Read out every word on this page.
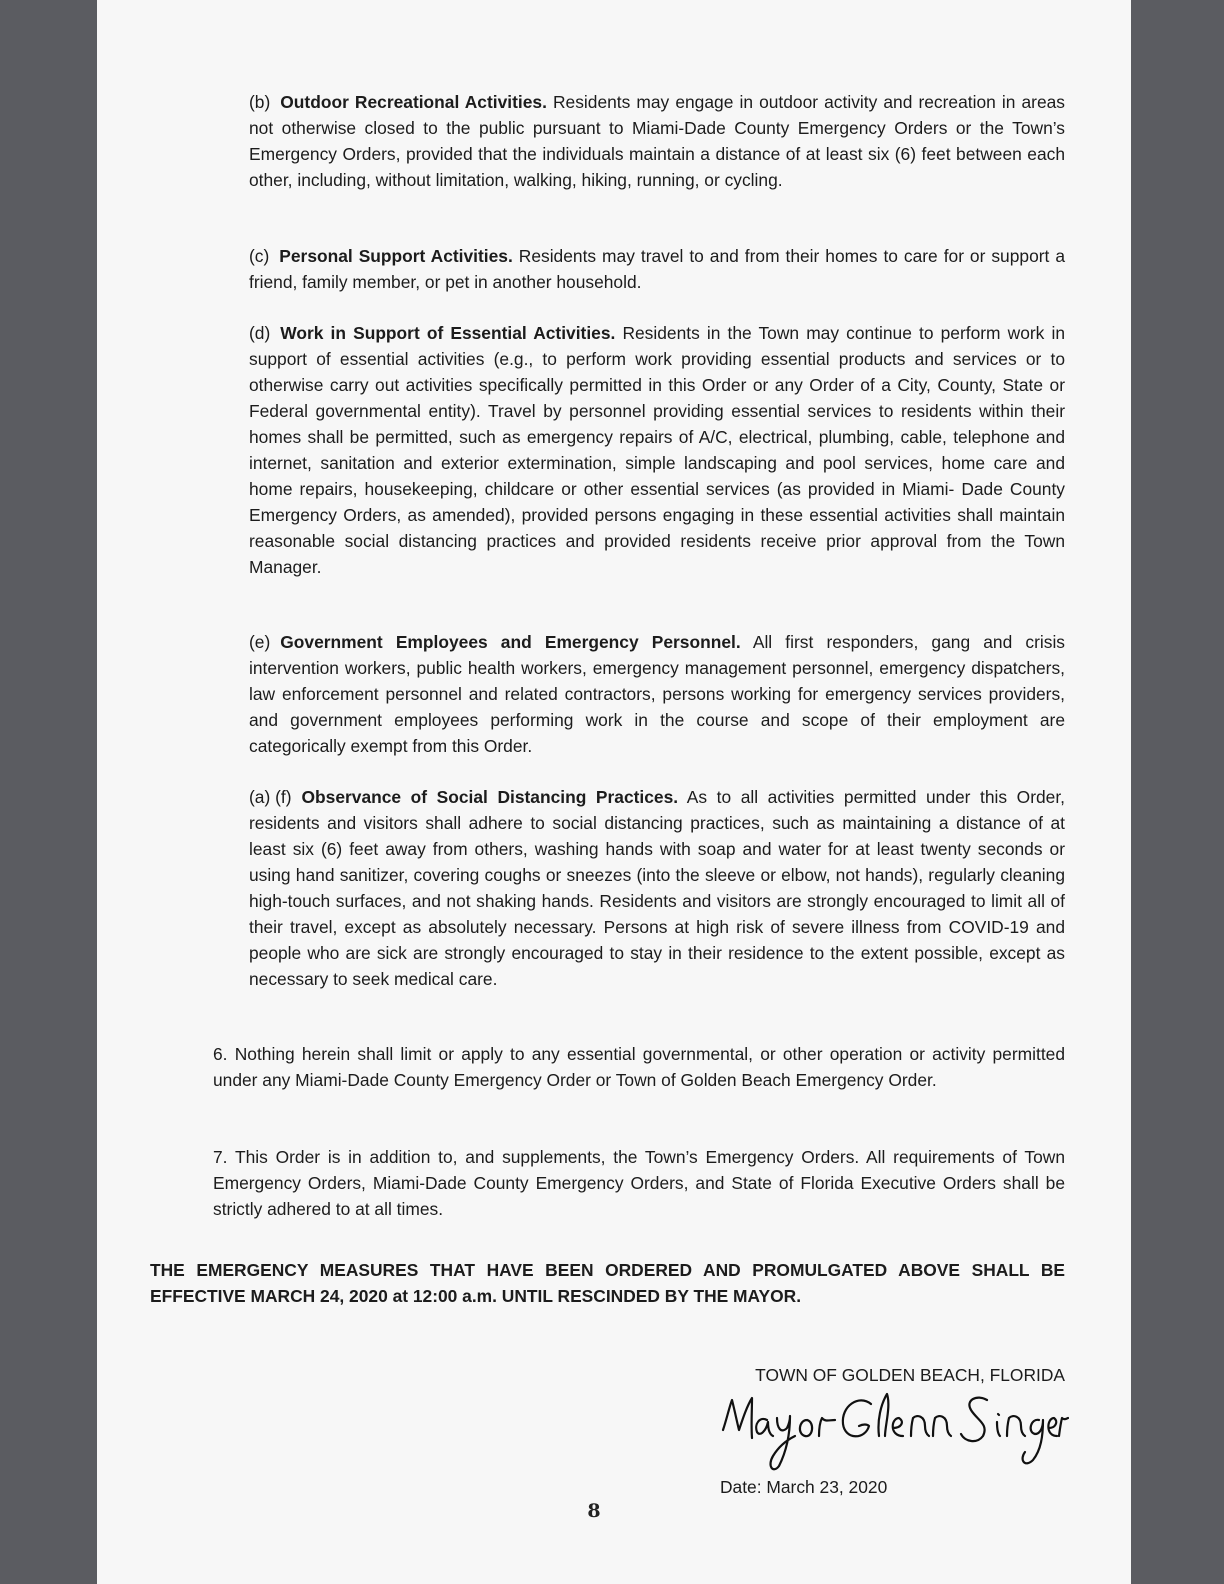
(b) Outdoor Recreational Activities. Residents may engage in outdoor activity and recreation in areas not otherwise closed to the public pursuant to Miami-Dade County Emergency Orders or the Town’s Emergency Orders, provided that the individuals maintain a distance of at least six (6) feet between each other, including, without limitation, walking, hiking, running, or cycling.

(c) Personal Support Activities. Residents may travel to and from their homes to care for or support a friend, family member, or pet in another household.

(d) Work in Support of Essential Activities. Residents in the Town may continue to perform work in support of essential activities (e.g., to perform work providing essential products and services or to otherwise carry out activities specifically permitted in this Order or any Order of a City, County, State or Federal governmental entity). Travel by personnel providing essential services to residents within their homes shall be permitted, such as emergency repairs of A/C, electrical, plumbing, cable, telephone and internet, sanitation and exterior extermination, simple landscaping and pool services, home care and home repairs, housekeeping, childcare or other essential services (as provided in Miami- Dade County Emergency Orders, as amended), provided persons engaging in these essential activities shall maintain reasonable social distancing practices and provided residents receive prior approval from the Town Manager.

(e) Government Employees and Emergency Personnel. All first responders, gang and crisis intervention workers, public health workers, emergency management personnel, emergency dispatchers, law enforcement personnel and related contractors, persons working for emergency services providers, and government employees performing work in the course and scope of their employment are categorically exempt from this Order.

(a) (f) Observance of Social Distancing Practices. As to all activities permitted under this Order, residents and visitors shall adhere to social distancing practices, such as maintaining a distance of at least six (6) feet away from others, washing hands with soap and water for at least twenty seconds or using hand sanitizer, covering coughs or sneezes (into the sleeve or elbow, not hands), regularly cleaning high-touch surfaces, and not shaking hands. Residents and visitors are strongly encouraged to limit all of their travel, except as absolutely necessary. Persons at high risk of severe illness from COVID-19 and people who are sick are strongly encouraged to stay in their residence to the extent possible, except as necessary to seek medical care.

6. Nothing herein shall limit or apply to any essential governmental, or other operation or activity permitted under any Miami-Dade County Emergency Order or Town of Golden Beach Emergency Order.

7. This Order is in addition to, and supplements, the Town’s Emergency Orders. All requirements of Town Emergency Orders, Miami-Dade County Emergency Orders, and State of Florida Executive Orders shall be strictly adhered to at all times.

THE EMERGENCY MEASURES THAT HAVE BEEN ORDERED AND PROMULGATED ABOVE SHALL BE EFFECTIVE MARCH 24, 2020 at 12:00 a.m. UNTIL RESCINDED BY THE MAYOR.

TOWN OF GOLDEN BEACH, FLORIDA

Date: March 23, 2020

8
